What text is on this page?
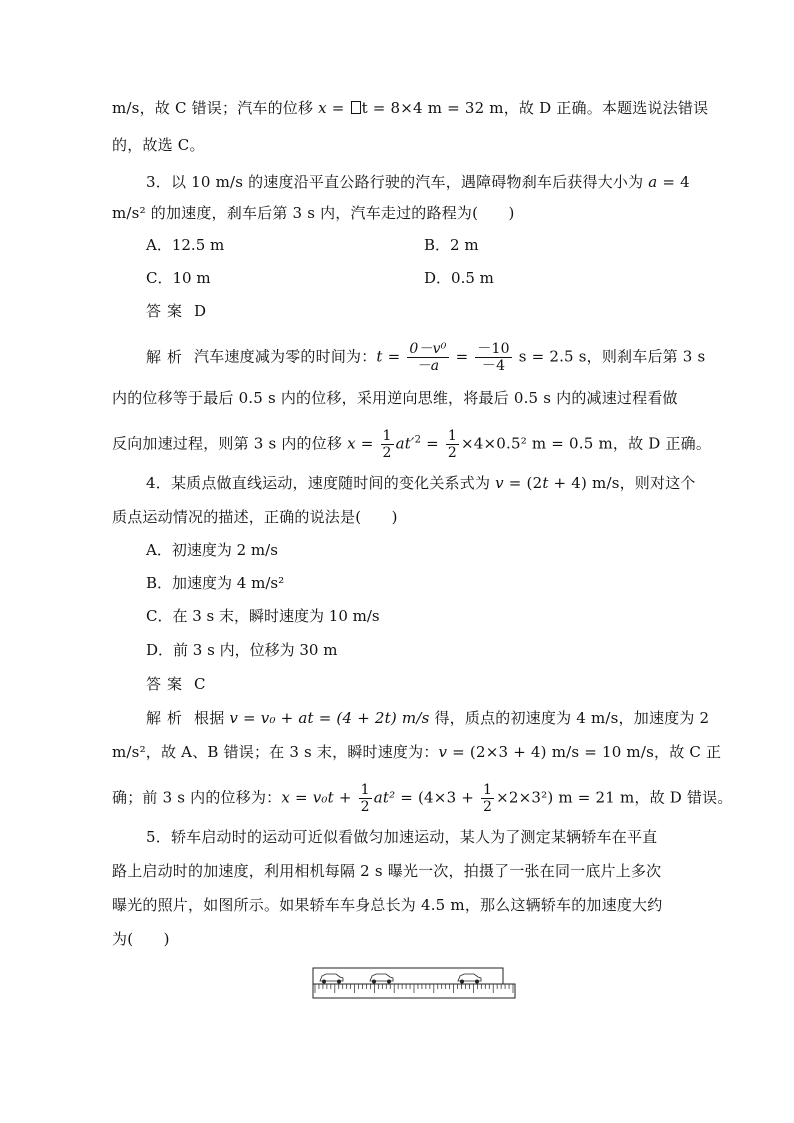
m/s，故 C 错误；汽车的位移 x = t = 8×4 m = 32 m，故 D 正确。本题选说法错误
的，故选 C。
3．以 10 m/s 的速度沿平直公路行驶的汽车，遇障碍物刹车后获得大小为 a = 4
m/s² 的加速度，刹车后第 3 s 内，汽车走过的路程为(　　)
A．12.5 m	B．2 m
C．10 m	D．0.5 m
答案 D
解析 汽车速度减为零的时间为：$t = \frac{\text{0－v⁰}}{-a} = \frac{-10}{-4}$ s = 2.5 s，则刹车后第 3 s
内的位移等于最后 0.5 s 内的位移，采用逆向思维，将最后 0.5 s 内的减速过程看做
反向加速过程，则第 3 s 内的位移 $x = \frac{1}{2} at'^2 = \frac{1}{2} \times 4\times 0.5^2$ m = 0.5 m，故 D 正确。
4．某质点做直线运动，速度随时间的变化关系式为 v = (2t + 4) m/s，则对这个
质点运动情况的描述，正确的说法是(　　)
A．初速度为 2 m/s
B．加速度为 4 m/s²
C．在 3 s 末，瞬时速度为 10 m/s
D．前 3 s 内，位移为 30 m
答案 C
解析 根据 v = v₀ + at = (4 + 2t) m/s 得，质点的初速度为 4 m/s，加速度为 2
m/s²，故 A、B 错误；在 3 s 末，瞬时速度为：v = (2×3 + 4) m/s = 10 m/s，故 C 正
确；前 3 s 内的位移为：$x = v_0t + \frac{1}{2} at^2 = (4\times 3 + \frac{1}{2} \times 2\times 3^2) m = 21$ m，故 D 错误。
5．轿车启动时的运动可近似看做匀加速运动，某人为了测定某辆轿车在平直
路上启动时的加速度，利用相机每隔 2 s 曝光一次，拍摄了一张在同一底片上多次
曝光的照片，如图所示。如果轿车车身总长为 4.5 m，那么这辆轿车的加速度大约
为(　　)
